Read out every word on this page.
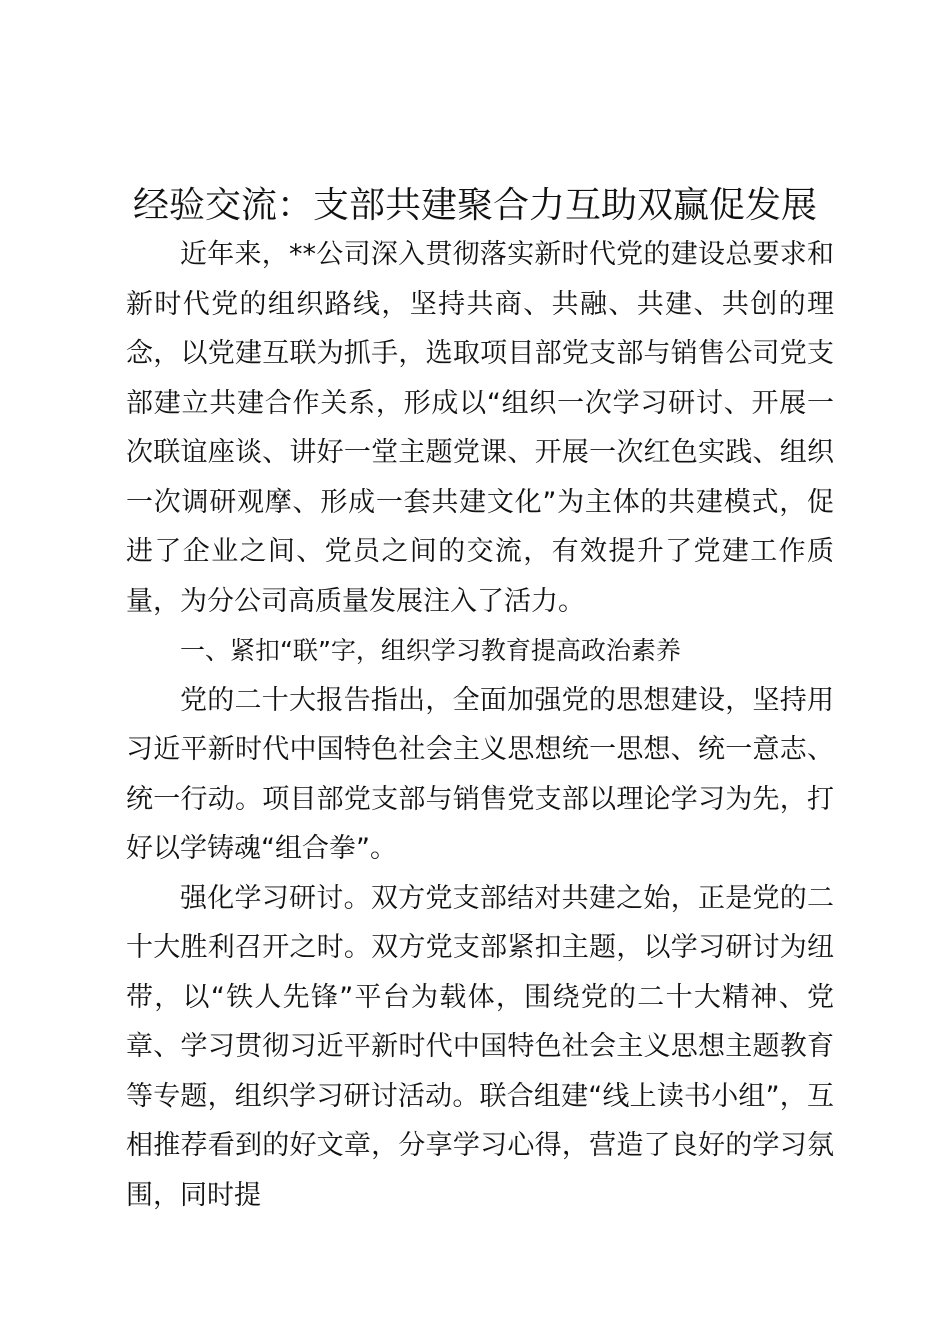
经验交流：支部共建聚合力互助双赢促发展

近年来，**公司深入贯彻落实新时代党的建设总要求和新时代党的组织路线，坚持共商、共融、共建、共创的理念，以党建互联为抓手，选取项目部党支部与销售公司党支部建立共建合作关系，形成以“组织一次学习研讨、开展一次联谊座谈、讲好一堂主题党课、开展一次红色实践、组织一次调研观摩、形成一套共建文化”为主体的共建模式，促进了企业之间、党员之间的交流，有效提升了党建工作质量，为分公司高质量发展注入了活力。

一、紧扣“联”字，组织学习教育提高政治素养

党的二十大报告指出，全面加强党的思想建设，坚持用习近平新时代中国特色社会主义思想统一思想、统一意志、统一行动。项目部党支部与销售党支部以理论学习为先，打好以学铸魂“组合拳”。

强化学习研讨。双方党支部结对共建之始，正是党的二十大胜利召开之时。双方党支部紧扣主题，以学习研讨为纽带，以“铁人先锋”平台为载体，围绕党的二十大精神、党章、学习贯彻习近平新时代中国特色社会主义思想主题教育等专题，组织学习研讨活动。联合组建“线上读书小组”，互相推荐看到的好文章，分享学习心得，营造了良好的学习氛围，同时提
